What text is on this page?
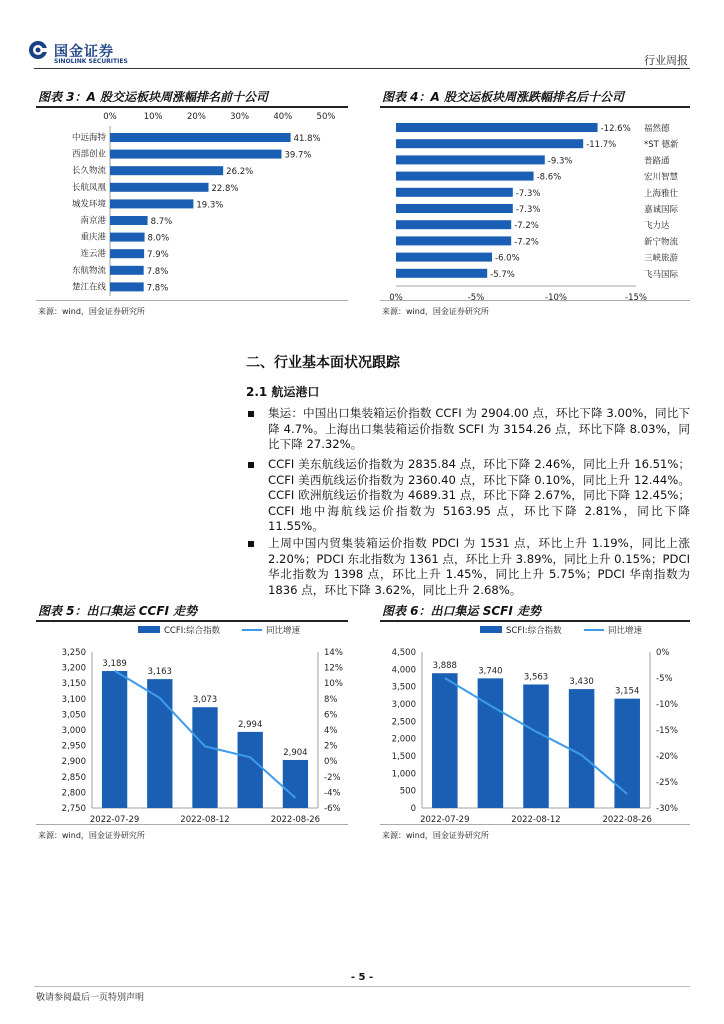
国金证券
SINOLINK SECURITIES	行业周报
图表 3：A 股交运板块周涨幅排名前十公司
0%	10%	20%	30%	40%	50%
中远海特	41.8%
西部创业	39.7%
长久物流	26.2%
长航凤凰	22.8%
城发环境	19.3%
南京港	8.7%
重庆港	8.0%
连云港	7.9%
东航物流	7.8%
楚江在线	7.8%
来源：wind，国金证券研究所
图表 4：A 股交运板块周涨跌幅排名后十公司
-12.6% 福然德
-11.7%	*ST 德新
-9.3%	普路通
-8.6%	宏川智慧
-7.3%	上海雅仕
-7.3%	嘉诚国际
-7.2%	飞力达
-7.2%	新宁物流
-6.0%	三峡旅游
-5.7%	飞马国际
0%	-5%	-10%	-15%
来源：wind，国金证券研究所
二、行业基本面状况跟踪
2.1 航运港口
集运：中国出口集装箱运价指数 CCFI 为 2904.00 点，环比下降 3.00%，同比下降 4.7%。上海出口集装箱运价指数 SCFI 为 3154.26 点，环比下降 8.03%，同比下降 27.32%。
CCFI 美东航线运价指数为 2835.84 点，环比下降 2.46%，同比上升 16.51%；CCFI 美西航线运价指数为 2360.40 点，环比下降 0.10%，同比上升 12.44%。CCFI 欧洲航线运价指数为 4689.31 点，环比下降 2.67%，同比下降 12.45%；CCFI 地中海航线运价指数为 5163.95 点，环比下降 2.81%，同比下降 11.55%。
上周中国内贸集装箱运价指数 PDCI 为 1531 点，环比上升 1.19%，同比上涨 2.20%；PDCI 东北指数为 1361 点，环比上升 3.89%，同比上升 0.15%；PDCI 华北指数为 1398 点，环比上升 1.45%，同比上升 5.75%；PDCI 华南指数为 1836 点，环比下降 3.62%，同比上升 2.68%。
图表 5：出口集运 CCFI 走势
CCFI:综合指数	同比增速
2,750
2,800
2,850
2,900
2,950
3,000
3,050
3,100
3,150
3,200
3,250
-6%
-4%
-2%
0%
2%
4%
6%
8%
10%
12%
14%
3,189
3,163
3,073
2,994
2,904
2022-07-29	2022-08-12	2022-08-26
来源：wind，国金证券研究所
图表 6：出口集运 SCFI 走势
SCFI:综合指数	同比增速
0
500
1,000
1,500
2,000
2,500
3,000
3,500
4,000
4,500
-30%
-25%
-20%
-15%
-10%
-5%
0%
3,888
3,740
3,563	3,430
3,154
2022-07-29	2022-08-12	2022-08-26
来源：wind，国金证券研究所
- 5 -
敬请参阅最后一页特别声明
